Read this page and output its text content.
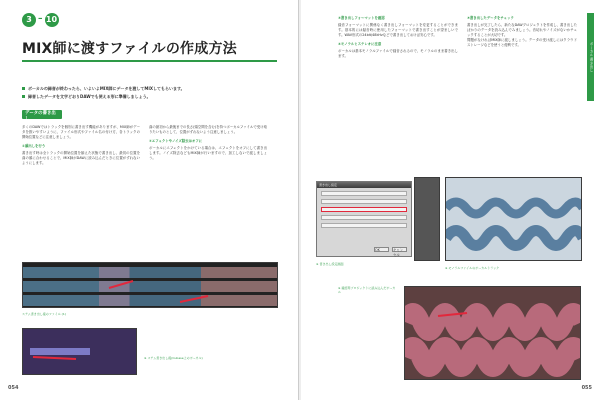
3 – 10
MIX師に渡すファイルの作成方法
ボーカルの録音が終わったら、いよいよMIX師にデータを渡してMIXしてもらいます。
録音したデータを文字どおりDAWでも使える形に準備しましょう。
データの書き出し

多くのDAWではトラックを個別に書き出す機能がありますが、MIX師がデータを扱いやすいように、ファイル形式やファイル名の付け方、各トラックの開始位置などに注意しましょう。

①頭出しを行う

書き出す時は全トラックの開始位置を揃えた状態で書き出し、最初の位置を曲の頭に合わせることで、MIX師がDAWに読み込んだときに位置がずれないようにします。

曲の最初から最後までの長さ(頭空間を含む)を持つボーカルファイルで受け取りたいものとして、位置がずれないよう注意しましょう。

②エフェクトやノイズ除去はオフに

ボーカルにエフェクトをかけている場合は、エフェクトをオフにして書き出します。ノイズ除去などもMIX師が行いますので、加工しないで渡しましょう。

ステム書き出し後のファイル (1)
※ ステム書き出し後(Cubase上のボーカル)
054
③書き出しフォーマットを確認

録音フォーマットに関係なく書き出しフォーマットを変更することができます。基本的には録音時に使用したフォーマットで書き出すことが望ましいです。WAV形式の24bit/48kHzなどで書き出しておけば安心です。

④モノラルとステレオに注意

ボーカルは基本モノラルファイルで録音されるので、モノラルのまま書き出します。

⑤書き出したデータをチェック

書き出しが完了したら、新たなDAWプロジェクトを作成し、書き出したばかりのデータを読み込んでみましょう。音切れやノイズがないかチェックすることが大切です。

問題がなければMIX師に渡しましょう。データの受け渡しにはクラウドストレージなどを使うと便利です。

書き出し設定
OK	キャンセル
※ 書き出し設定画面
※ モノラルファイルのボーカルトラック
※ 確認用プロジェクトに読み込んだボーカル
ボーカル 書き出し
055
